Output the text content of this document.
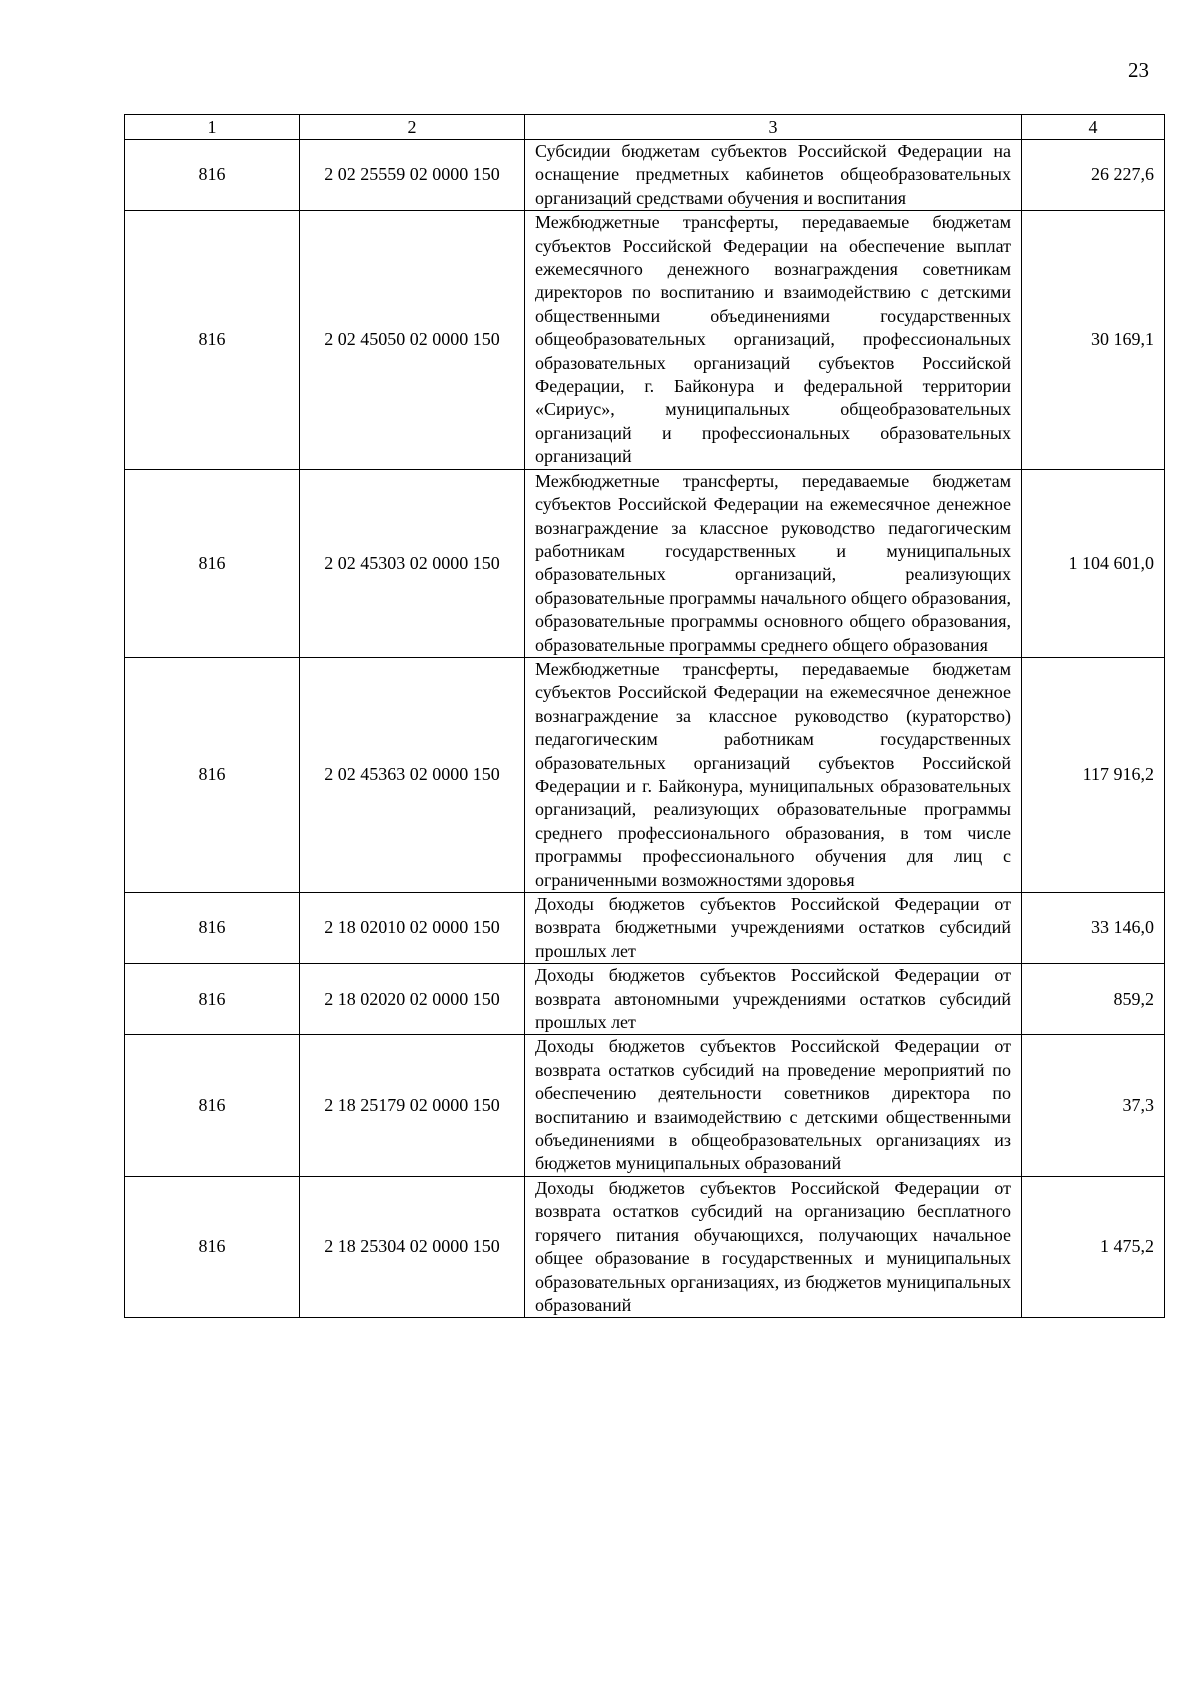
23
1	2	3	4
816	2 02 25559 02 0000 150	Субсидии бюджетам субъектов Российской Федерации на оснащение предметных кабинетов общеобразовательных организаций средствами обучения и воспитания	26 227,6
816	2 02 45050 02 0000 150	Межбюджетные трансферты, передаваемые бюджетам субъектов Российской Федерации на обеспечение выплат ежемесячного денежного вознаграждения советникам директоров по воспитанию и взаимодействию с детскими общественными объединениями государственных общеобразовательных организаций, профессиональных образовательных организаций субъектов Российской Федерации, г. Байконура и федеральной территории «Сириус», муниципальных общеобразовательных организаций и профессиональных образовательных организаций	30 169,1
816	2 02 45303 02 0000 150	Межбюджетные трансферты, передаваемые бюджетам субъектов Российской Федерации на ежемесячное денежное вознаграждение за классное руководство педагогическим работникам государственных и муниципальных образовательных организаций, реализующих образовательные программы начального общего образования, образовательные программы основного общего образования, образовательные программы среднего общего образования	1 104 601,0
816	2 02 45363 02 0000 150	Межбюджетные трансферты, передаваемые бюджетам субъектов Российской Федерации на ежемесячное денежное вознаграждение за классное руководство (кураторство) педагогическим работникам государственных образовательных организаций субъектов Российской Федерации и г. Байконура, муниципальных образовательных организаций, реализующих образовательные программы среднего профессионального образования, в том числе программы профессионального обучения для лиц с ограниченными возможностями здоровья	117 916,2
816	2 18 02010 02 0000 150	Доходы бюджетов субъектов Российской Федерации от возврата бюджетными учреждениями остатков субсидий прошлых лет	33 146,0
816	2 18 02020 02 0000 150	Доходы бюджетов субъектов Российской Федерации от возврата автономными учреждениями остатков субсидий прошлых лет	859,2
816	2 18 25179 02 0000 150	Доходы бюджетов субъектов Российской Федерации от возврата остатков субсидий на проведение мероприятий по обеспечению деятельности советников директора по воспитанию и взаимодействию с детскими общественными объединениями в общеобразовательных организациях из бюджетов муниципальных образований	37,3
816	2 18 25304 02 0000 150	Доходы бюджетов субъектов Российской Федерации от возврата остатков субсидий на организацию бесплатного горячего питания обучающихся, получающих начальное общее образование в государственных и муниципальных образовательных организациях, из бюджетов муниципальных образований	1 475,2
